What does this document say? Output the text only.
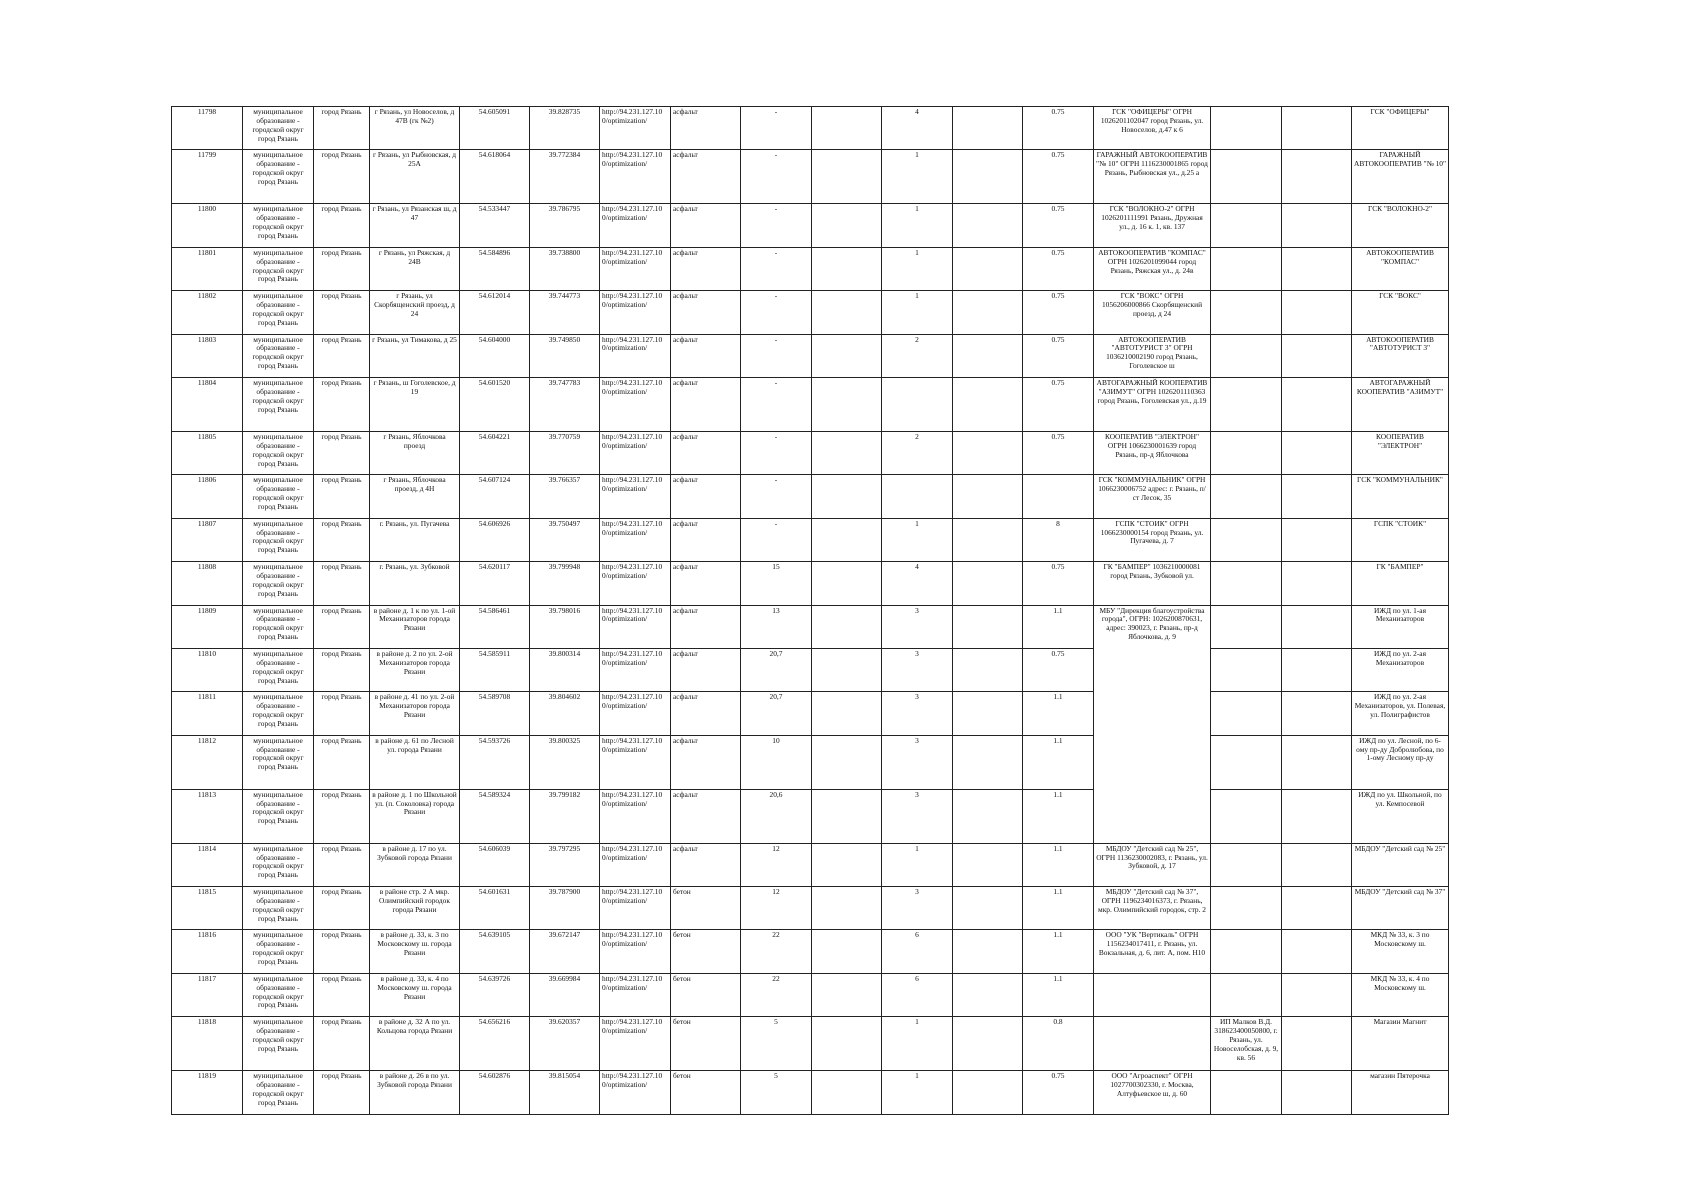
11798	муниципальное образование - городской округ город Рязань	город Рязань	г Рязань, ул Новоселов, д 47В (гк №2)	54.605091	39.828735	http://94.231.127.10 0/optimization/	асфальт	-		4		0.75	ГСК "ОФИЦЕРЫ" ОГРН 1026201102047 город Рязань, ул. Новоселов, д.47 к 6			ГСК "ОФИЦЕРЫ"
11799	муниципальное образование - городской округ город Рязань	город Рязань	г Рязань, ул Рыбновская, д 25А	54.618064	39.772384	http://94.231.127.10 0/optimization/	асфальт	-		1		0.75	ГАРАЖНЫЙ АВТОКООПЕРАТИВ "№ 10" ОГРН 1116230001865 город Рязань, Рыбновская ул., д.25 а			ГАРАЖНЫЙ АВТОКООПЕРАТИВ "№ 10"
11800	муниципальное образование - городской округ город Рязань	город Рязань	г Рязань, ул Рязанская ш, д 47	54.533447	39.786795	http://94.231.127.10 0/optimization/	асфальт	-		1		0.75	ГСК "ВОЛОКНО-2" ОГРН 1026201111991 Рязань, Дружная ул., д. 16 к. 1, кв. 137			ГСК "ВОЛОКНО-2"
11801	муниципальное образование - городской округ город Рязань	город Рязань	г Рязань, ул Ряжская, д 24В	54.584896	39.738800	http://94.231.127.10 0/optimization/	асфальт	-		1		0.75	АВТОКООПЕРАТИВ "КОМПАС" ОГРН 1026201099044 город Рязань, Ряжская ул., д. 24в			АВТОКООПЕРАТИВ "КОМПАС"
11802	муниципальное образование - городской округ город Рязань	город Рязань	г Рязань, ул Скорбященский проезд, д 24	54.612014	39.744773	http://94.231.127.10 0/optimization/	асфальт	-		1		0.75	ГСК "ВОКС" ОГРН 1056206000866 Скорбященский проезд, д 24			ГСК "ВОКС"
11803	муниципальное образование - городской округ город Рязань	город Рязань	г Рязань, ул Тимакова, д 25	54.604000	39.749850	http://94.231.127.10 0/optimization/	асфальт	-		2		0.75	АВТОКООПЕРАТИВ "АВТОТУРИСТ 3" ОГРН 1036210002190 город Рязань, Гоголевское ш			АВТОКООПЕРАТИВ "АВТОТУРИСТ 3"
11804	муниципальное образование - городской округ город Рязань	город Рязань	г Рязань, ш Гоголевское, д 19	54.601520	39.747783	http://94.231.127.10 0/optimization/	асфальт	-				0.75	АВТОГАРАЖНЫЙ КООПЕРАТИВ "АЗИМУТ" ОГРН 1026201110363 город Рязань, Гоголевская ул., д.19			АВТОГАРАЖНЫЙ КООПЕРАТИВ "АЗИМУТ"
11805	муниципальное образование - городской округ город Рязань	город Рязань	г Рязань, Яблочкова проезд	54.604221	39.770759	http://94.231.127.10 0/optimization/	асфальт	-		2		0.75	КООПЕРАТИВ "ЭЛЕКТРОН" ОГРН 1066230001639 город Рязань, пр-д Яблочкова			КООПЕРАТИВ "ЭЛЕКТРОН"
11806	муниципальное образование - городской округ город Рязань	город Рязань	г Рязань, Яблочкова проезд, д 4Н	54.607124	39.766357	http://94.231.127.10 0/optimization/	асфальт	-					ГСК "КОММУНАЛЬНИК" ОГРН 1066230006752 адрес: г. Рязань, п/ст Лесок, 35			ГСК "КОММУНАЛЬНИК"
11807	муниципальное образование - городской округ город Рязань	город Рязань	г. Рязань, ул. Пугачева	54.606926	39.750497	http://94.231.127.10 0/optimization/	асфальт	-		1		8	ГСПК "СТОИК" ОГРН 1066230000154 город Рязань, ул. Пугачева, д. 7			ГСПК "СТОИК"
11808	муниципальное образование - городской округ город Рязань	город Рязань	г. Рязань, ул. Зубковой	54.620117	39.799948	http://94.231.127.10 0/optimization/	асфальт	15		4		0.75	ГК "БАМПЕР" 1036210000081 город Рязань, Зубковой ул.			ГК "БАМПЕР"
11809	муниципальное образование - городской округ город Рязань	город Рязань	в районе д. 1 к по ул. 1-ой Механизаторов города Рязани	54.586461	39.798016	http://94.231.127.10 0/optimization/	асфальт	13		3		1.1	МБУ "Дирекция благоустройства города", ОГРН: 1026200870631, адрес: 390023, г. Рязань, пр-д Яблочкова, д. 9			ИЖД по ул. 1-ая Механизаторов
11810	муниципальное образование - городской округ город Рязань	город Рязань	в районе д. 2 по ул. 2-ой Механизаторов города Рязани	54.585911	39.800314	http://94.231.127.10 0/optimization/	асфальт	20,7		3		0.75				ИЖД по ул. 2-ая Механизаторов
11811	муниципальное образование - городской округ город Рязань	город Рязань	в районе д. 41 по ул. 2-ой Механизаторов города Рязани	54.589708	39.804602	http://94.231.127.10 0/optimization/	асфальт	20,7		3		1.1				ИЖД по ул. 2-ая Механизаторов, ул. Полевая, ул. Полиграфистов
11812	муниципальное образование - городской округ город Рязань	город Рязань	в районе д. 61 по Лесной ул. города Рязани	54.593726	39.800325	http://94.231.127.10 0/optimization/	асфальт	10		3		1.1				ИЖД по ул. Лесной, по 6-ому пр-ду Добролюбова, по 1-ому Лесному пр-ду
11813	муниципальное образование - городской округ город Рязань	город Рязань	в районе д. 1 по Школьной ул. (п. Соколовка) города Рязани	54.589324	39.799182	http://94.231.127.10 0/optimization/	асфальт	20,6		3		1.1				ИЖД по ул. Школьной, по ул. Кемпосевой
11814	муниципальное образование - городской округ город Рязань	город Рязань	в районе д. 17 по ул. Зубковой города Рязани	54.606039	39.797295	http://94.231.127.10 0/optimization/	асфальт	12		1		1.1	МБДОУ "Детский сад № 25", ОГРН 1136230002083, г. Рязань, ул. Зубковой, д. 17			МБДОУ "Детский сад № 25"
11815	муниципальное образование - городской округ город Рязань	город Рязань	в районе стр. 2 А мкр. Олимпийский городок города Рязани	54.601631	39.787900	http://94.231.127.10 0/optimization/	бетон	12		3		1.1	МБДОУ "Детский сад № 37", ОГРН 1196234016373, г. Рязань, мкр. Олимпийский городок, стр. 2			МБДОУ "Детский сад № 37"
11816	муниципальное образование - городской округ город Рязань	город Рязань	в районе д. 33, к. 3 по Московскому ш. города Рязани	54.639105	39.672147	http://94.231.127.10 0/optimization/	бетон	22		6		1.1	ООО "УК "Вертикаль" ОГРН 1156234017411, г. Рязань, ул. Вокзальная, д. 6, лит. А, пом. Н10			МКД № 33, к. 3 по Московскому ш.
11817	муниципальное образование - городской округ город Рязань	город Рязань	в районе д. 33, к. 4 по Московскому ш. города Рязани	54.639726	39.669984	http://94.231.127.10 0/optimization/	бетон	22		6		1.1				МКД № 33, к. 4 по Московскому ш.
11818	муниципальное образование - городской округ город Рязань	город Рязань	в районе д. 32 А по ул. Кольцова города Рязани	54.656216	39.620357	http://94.231.127.10 0/optimization/	бетон	5		1		0.8		ИП Малков В.Д. 318623400050800, г. Рязань, ул. Новоселобская, д. 9, кв. 56		Магазин Магнит
11819	муниципальное образование - городской округ город Рязань	город Рязань	в районе д. 26 в по ул. Зубковой города Рязани	54.602876	39.815054	http://94.231.127.10 0/optimization/	бетон	5		1		0.75	ООО "Агроаспект" ОГРН 1027700302330, г. Москва, Алтуфьевское ш, д. 60			магазин Пятерочка
